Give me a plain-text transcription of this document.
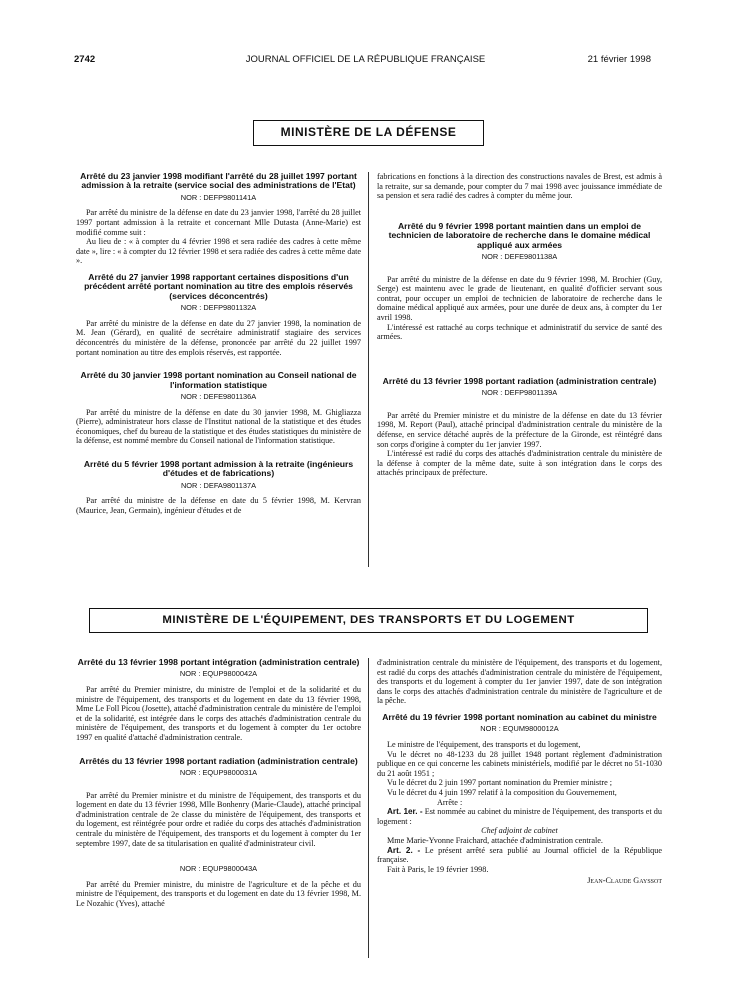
2742	JOURNAL OFFICIEL DE LA RÉPUBLIQUE FRANÇAISE	21 février 1998
MINISTÈRE DE LA DÉFENSE

Arrêté du 23 janvier 1998 modifiant l'arrêté du 28 juillet 1997 portant admission à la retraite (service social des administrations de l'Etat)

NOR : DEFP9801141A

Par arrêté du ministre de la défense en date du 23 janvier 1998, l'arrêté du 28 juillet 1997 portant admission à la retraite et concernant Mlle Dutasta (Anne-Marie) est modifié comme suit :

Au lieu de : « à compter du 4 février 1998 et sera radiée des cadres à cette même date », lire : « à compter du 12 février 1998 et sera radiée des cadres à cette même date ».

Arrêté du 27 janvier 1998 rapportant certaines dispositions d'un précédent arrêté portant nomination au titre des emplois réservés (services déconcentrés)

NOR : DEFP9801132A

Par arrêté du ministre de la défense en date du 27 janvier 1998, la nomination de M. Jean (Gérard), en qualité de secrétaire administratif stagiaire des services déconcentrés du ministère de la défense, prononcée par arrêté du 22 juillet 1997 portant nomination au titre des emplois réservés, est rapportée.

Arrêté du 30 janvier 1998 portant nomination au Conseil national de l'information statistique

NOR : DEFE9801136A

Par arrêté du ministre de la défense en date du 30 janvier 1998, M. Ghigliazza (Pierre), administrateur hors classe de l'Institut national de la statistique et des études économiques, chef du bureau de la statistique et des études statistiques du ministère de la défense, est nommé membre du Conseil national de l'information statistique.

Arrêté du 5 février 1998 portant admission à la retraite (ingénieurs d'études et de fabrications)

NOR : DEFA9801137A

Par arrêté du ministre de la défense en date du 5 février 1998, M. Kervran (Maurice, Jean, Germain), ingénieur d'études et de

fabrications en fonctions à la direction des constructions navales de Brest, est admis à la retraite, sur sa demande, pour compter du 7 mai 1998 avec jouissance immédiate de sa pension et sera radié des cadres à compter du même jour.

Arrêté du 9 février 1998 portant maintien dans un emploi de technicien de laboratoire de recherche dans le domaine médical appliqué aux armées

NOR : DEFE9801138A

Par arrêté du ministre de la défense en date du 9 février 1998, M. Brochier (Guy, Serge) est maintenu avec le grade de lieutenant, en qualité d'officier servant sous contrat, pour occuper un emploi de technicien de laboratoire de recherche dans le domaine médical appliqué aux armées, pour une durée de deux ans, à compter du 1er avril 1998.

L'intéressé est rattaché au corps technique et administratif du service de santé des armées.

Arrêté du 13 février 1998 portant radiation (administration centrale)

NOR : DEFP9801139A

Par arrêté du Premier ministre et du ministre de la défense en date du 13 février 1998, M. Report (Paul), attaché principal d'administration centrale du ministère de la défense, en service détaché auprès de la préfecture de la Gironde, est réintégré dans son corps d'origine à compter du 1er janvier 1997.

L'intéressé est radié du corps des attachés d'administration centrale du ministère de la défense à compter de la même date, suite à son intégration dans le corps des attachés principaux de préfecture.

MINISTÈRE DE L'ÉQUIPEMENT, DES TRANSPORTS ET DU LOGEMENT

Arrêté du 13 février 1998 portant intégration (administration centrale)

NOR : EQUP9800042A

Par arrêté du Premier ministre, du ministre de l'emploi et de la solidarité et du ministre de l'équipement, des transports et du logement en date du 13 février 1998, Mme Le Foll Picou (Josette), attaché d'administration centrale du ministère de l'emploi et de la solidarité, est intégrée dans le corps des attachés d'administration centrale du ministère de l'équipement, des transports et du logement à compter du 1er octobre 1997 en qualité d'attaché d'administration centrale.

Arrêtés du 13 février 1998 portant radiation (administration centrale)

NOR : EQUP9800031A

Par arrêté du Premier ministre et du ministre de l'équipement, des transports et du logement en date du 13 février 1998, Mlle Bonhenry (Marie-Claude), attaché principal d'administration centrale de 2e classe du ministère de l'équipement, des transports et du logement, est réintégrée pour ordre et radiée du corps des attachés d'administration centrale du ministère de l'équipement, des transports et du logement à compter du 1er septembre 1997, date de sa titularisation en qualité d'administrateur civil.

NOR : EQUP9800043A

Par arrêté du Premier ministre, du ministre de l'agriculture et de la pêche et du ministre de l'équipement, des transports et du logement en date du 13 février 1998, M. Le Nozahic (Yves), attaché

d'administration centrale du ministère de l'équipement, des transports et du logement, est radié du corps des attachés d'administration centrale du ministère de l'équipement, des transports et du logement à compter du 1er janvier 1997, date de son intégration dans le corps des attachés d'administration centrale du ministère de l'agriculture et de la pêche.

Arrêté du 19 février 1998 portant nomination au cabinet du ministre

NOR : EQUM9800012A

Le ministre de l'équipement, des transports et du logement,

Vu le décret no 48-1233 du 28 juillet 1948 portant règlement d'administration publique en ce qui concerne les cabinets ministériels, modifié par le décret no 51-1030 du 21 août 1951 ;

Vu le décret du 2 juin 1997 portant nomination du Premier ministre ;

Vu le décret du 4 juin 1997 relatif à la composition du Gouvernement,

Arrête :

Art. 1er. - Est nommée au cabinet du ministre de l'équipement, des transports et du logement :

Chef adjoint de cabinet

Mme Marie-Yvonne Fraichard, attachée d'administration centrale.

Art. 2. - Le présent arrêté sera publié au Journal officiel de la République française.

Fait à Paris, le 19 février 1998.

Jean-Claude Gayssot
